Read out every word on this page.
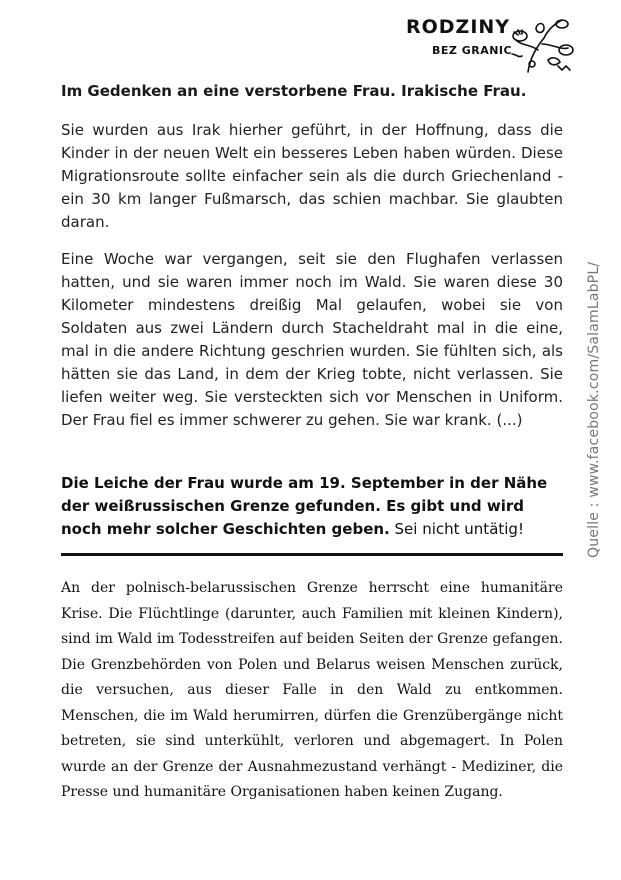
RODZINY
BEZ GRANIC

Im Gedenken an eine verstorbene Frau. Irakische Frau.

Sie wurden aus Irak hierher geführt, in der Hoffnung, dass die Kinder in der neuen Welt ein besseres Leben haben würden. Diese Migrationsroute sollte einfacher sein als die durch Griechenland - ein 30 km langer Fußmarsch, das schien machbar. Sie glaubten daran.

Eine Woche war vergangen, seit sie den Flughafen verlassen hatten, und sie waren immer noch im Wald. Sie waren diese 30 Kilometer mindestens dreißig Mal gelaufen, wobei sie von Soldaten aus zwei Ländern durch Stacheldraht mal in die eine, mal in die andere Richtung geschrien wurden. Sie fühlten sich, als hätten sie das Land, in dem der Krieg tobte, nicht verlassen. Sie liefen weiter weg. Sie versteckten sich vor Menschen in Uniform. Der Frau fiel es immer schwerer zu gehen. Sie war krank. (...)

Die Leiche der Frau wurde am 19. September in der Nähe der weißrussischen Grenze gefunden. Es gibt und wird noch mehr solcher Geschichten geben. Sei nicht untätig!

An der polnisch-belarussischen Grenze herrscht eine humanitäre Krise. Die Flüchtlinge (darunter, auch Familien mit kleinen Kindern), sind im Wald im Todesstreifen auf beiden Seiten der Grenze gefangen. Die Grenzbehörden von Polen und Belarus weisen Menschen zurück, die versuchen, aus dieser Falle in den Wald zu entkommen. Menschen, die im Wald herumirren, dürfen die Grenzübergänge nicht betreten, sie sind unterkühlt, verloren und abgemagert. In Polen wurde an der Grenze der Ausnahmezustand verhängt - Mediziner, die Presse und humanitäre Organisationen haben keinen Zugang.

Quelle : www.facebook.com/SalamLabPL/
